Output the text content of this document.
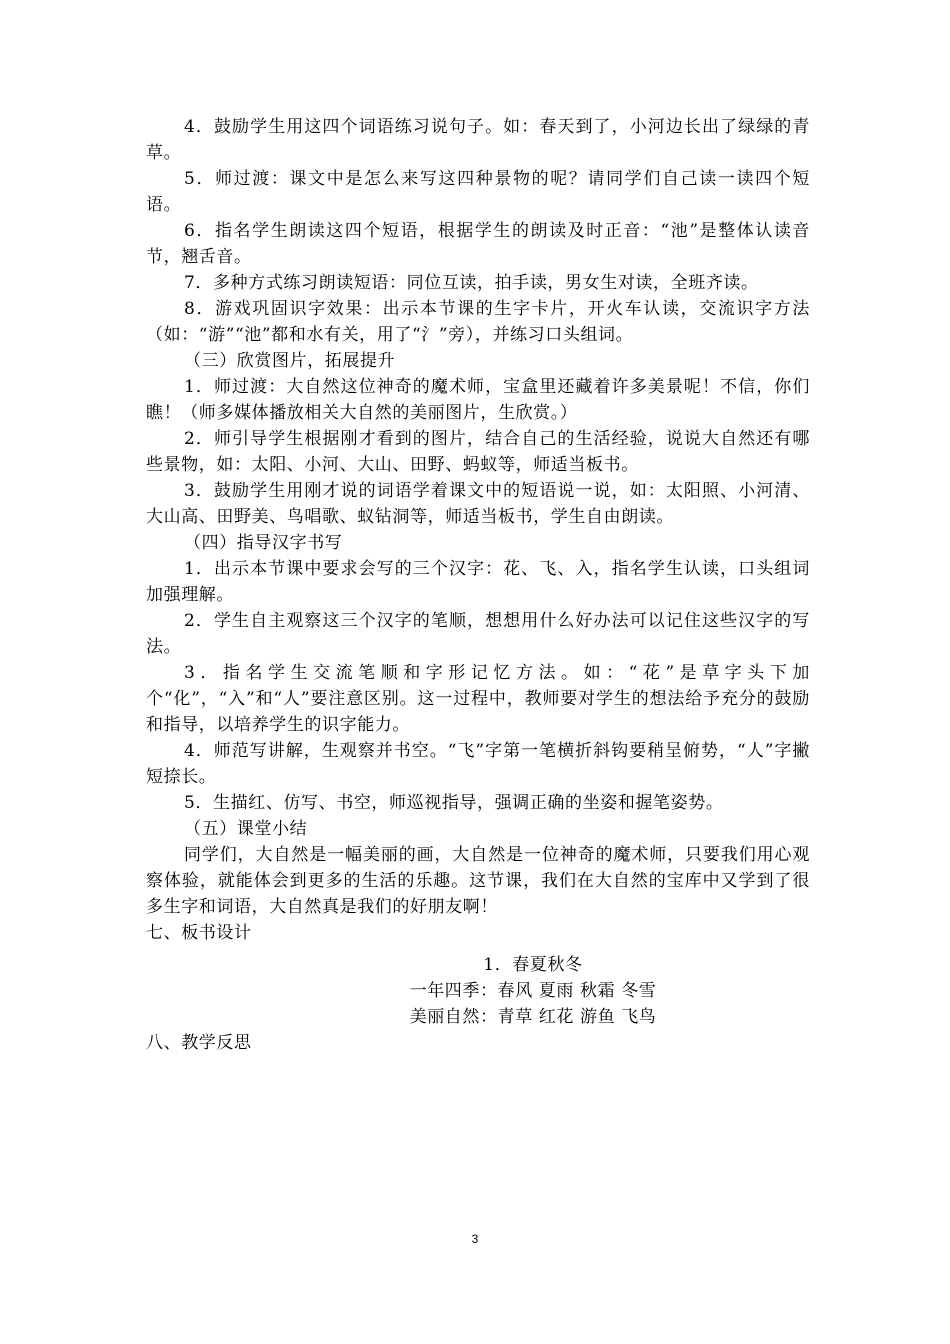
4．鼓励学生用这四个词语练习说句子。如：春天到了，小河边长出了绿绿的青草。

5．师过渡：课文中是怎么来写这四种景物的呢？请同学们自己读一读四个短语。

6．指名学生朗读这四个短语，根据学生的朗读及时正音：“池”是整体认读音节，翘舌音。

7．多种方式练习朗读短语：同位互读，拍手读，男女生对读，全班齐读。

8．游戏巩固识字效果：出示本节课的生字卡片，开火车认读，交流识字方法（如：“游”“池”都和水有关，用了“氵”旁），并练习口头组词。

（三）欣赏图片，拓展提升

1．师过渡：大自然这位神奇的魔术师，宝盒里还藏着许多美景呢！不信，你们瞧！（师多媒体播放相关大自然的美丽图片，生欣赏。）

2．师引导学生根据刚才看到的图片，结合自己的生活经验，说说大自然还有哪些景物，如：太阳、小河、大山、田野、蚂蚁等，师适当板书。

3．鼓励学生用刚才说的词语学着课文中的短语说一说，如：太阳照、小河清、大山高、田野美、鸟唱歌、蚁钻洞等，师适当板书，学生自由朗读。

（四）指导汉字书写

1．出示本节课中要求会写的三个汉字：花、飞、入，指名学生认读，口头组词加强理解。

2．学生自主观察这三个汉字的笔顺，想想用什么好办法可以记住这些汉字的写法。

3．指名学生交流笔顺和字形记忆方法。如：“花”是草字头下加个“化”，“入”和“人”要注意区别。这一过程中，教师要对学生的想法给予充分的鼓励和指导，以培养学生的识字能力。

4．师范写讲解，生观察并书空。“飞”字第一笔横折斜钩要稍呈俯势，“人”字撇短捺长。

5．生描红、仿写、书空，师巡视指导，强调正确的坐姿和握笔姿势。

（五）课堂小结

同学们，大自然是一幅美丽的画，大自然是一位神奇的魔术师，只要我们用心观察体验，就能体会到更多的生活的乐趣。这节课，我们在大自然的宝库中又学到了很多生字和词语，大自然真是我们的好朋友啊！

七、板书设计

1．春夏秋冬

一年四季：春风 夏雨 秋霜 冬雪

美丽自然：青草 红花 游鱼 飞鸟

八、教学反思

3
